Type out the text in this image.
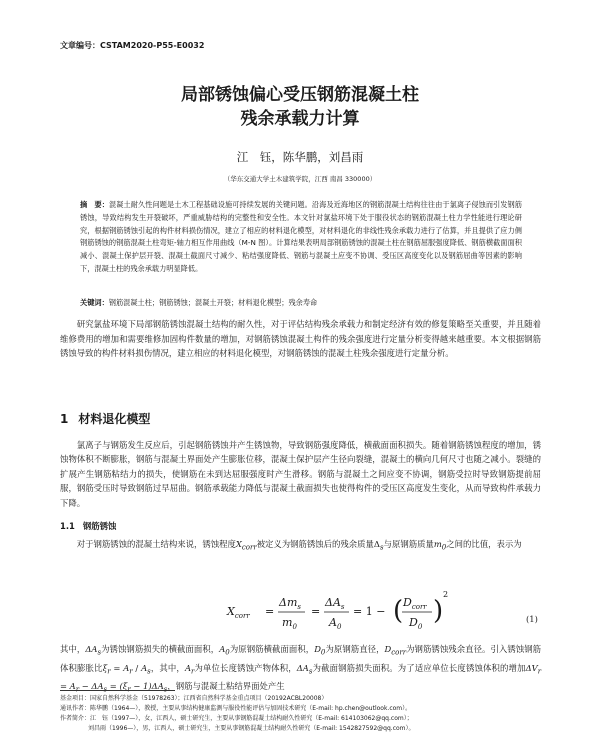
文章编号：CSTAM2020-P55-E0032
局部锈蚀偏心受压钢筋混凝土柱
残余承载力计算
江　钰，陈华鹏，刘昌雨
（华东交通大学土木建筑学院，江西 南昌 330000）
摘　要：混凝土耐久性问题是土木工程基础设施可持续发展的关键问题。沿海及近海地区的钢筋混凝土结构往往由于氯离子侵蚀而引发钢筋锈蚀，导致结构发生开裂破坏，严重威胁结构的完整性和安全性。本文针对氯盐环境下处于服役状态的钢筋混凝土柱力学性能进行理论研究，根据钢筋锈蚀引起的构件材料损伤情况，建立了相应的材料退化模型，对材料退化的非线性残余承载力进行了估算，并且提供了应力侧钢筋锈蚀的钢筋混凝土柱弯矩-轴力相互作用曲线（M-N 图）。计算结果表明局部钢筋锈蚀的混凝土柱在钢筋屈服强度降低、钢筋横截面面积减小、混凝土保护层开裂、混凝土截面尺寸减少、粘结强度降低、钢筋与混凝土应变不协调、受压区高度变化以及钢筋屈曲等因素的影响下，混凝土柱的残余承载力明显降低。
关键词：钢筋混凝土柱；钢筋锈蚀；混凝土开裂；材料退化模型；残余寿命
研究氯盐环境下局部钢筋锈蚀混凝土结构的耐久性，对于评估结构残余承载力和制定经济有效的修复策略至关重要，并且随着维修费用的增加和需要维修加固构件数量的增加，对钢筋锈蚀混凝土构件的残余强度进行定量分析变得越来越重要。本文根据钢筋锈蚀导致的构件材料损伤情况，建立相应的材料退化模型，对钢筋锈蚀的混凝土柱残余强度进行定量分析。
1 材料退化模型
氯离子与钢筋发生反应后，引起钢筋锈蚀并产生锈蚀物，导致钢筋强度降低，横截面面积损失。随着钢筋锈蚀程度的增加，锈蚀物体积不断膨胀，钢筋与混凝土界面处产生膨胀位移，混凝土保护层产生径向裂缝，混凝土的横向几何尺寸也随之减小。裂缝的扩展产生钢筋粘结力的损失，使钢筋在未到达屈服强度时产生滑移。钢筋与混凝土之间应变不协调，钢筋受拉时导致钢筋提前屈服，钢筋受压时导致钢筋过早屈曲。钢筋承载能力降低与混凝土截面损失也使得构件的受压区高度发生变化，从而导致构件承载力下降。
1.1 钢筋锈蚀
对于钢筋锈蚀的混凝土结构来说，锈蚀程度$X_{corr}$被定义为钢筋锈蚀后的残余质量$\Delta_s$与原钢筋质量$m_0$之间的比值，表示为
$X_{corr}$ =
$\Delta m_s$
$m_0$
=
$\Delta A_s$
$A_0$
= 1 − ( $D_{corr}$
$D_0$
)
2
(1)
其中，$\Delta A_s$为锈蚀钢筋损失的横截面面积，$A_0$为原钢筋横截面面积，$D_0$为原钢筋直径，$D_{corr}$为钢筋锈蚀残余直径。引入锈蚀钢筋体积膨胀比$\xi_r = A_r / A_s$，其中，$A_r$为单位长度锈蚀产物体积，$\Delta A_s$为截面钢筋损失面积。为了适应单位长度锈蚀体积的增加$\Delta V_r = A_r - \Delta A_s = (\xi_r - 1)\Delta A_s$，钢筋与混凝土粘结界面处产生
基金项目：国家自然科学基金（51978263）；江西省自然科学基金重点项目（20192ACBL20008）
通讯作者：陈华鹏（1964—），教授，主要从事结构健康监测与服役性能评估与加固技术研究（E-mail: hp.chen@outlook.com）。
作者简介：江　钰（1997—），女，江西人，硕士研究生，主要从事钢筋混凝土结构耐久性研究（E-mail: 614103062@qq.com）；
刘昌雨（1996—），男，江西人，硕士研究生，主要从事钢筋混凝土结构耐久性研究（E-mail: 1542827592@qq.com）。
